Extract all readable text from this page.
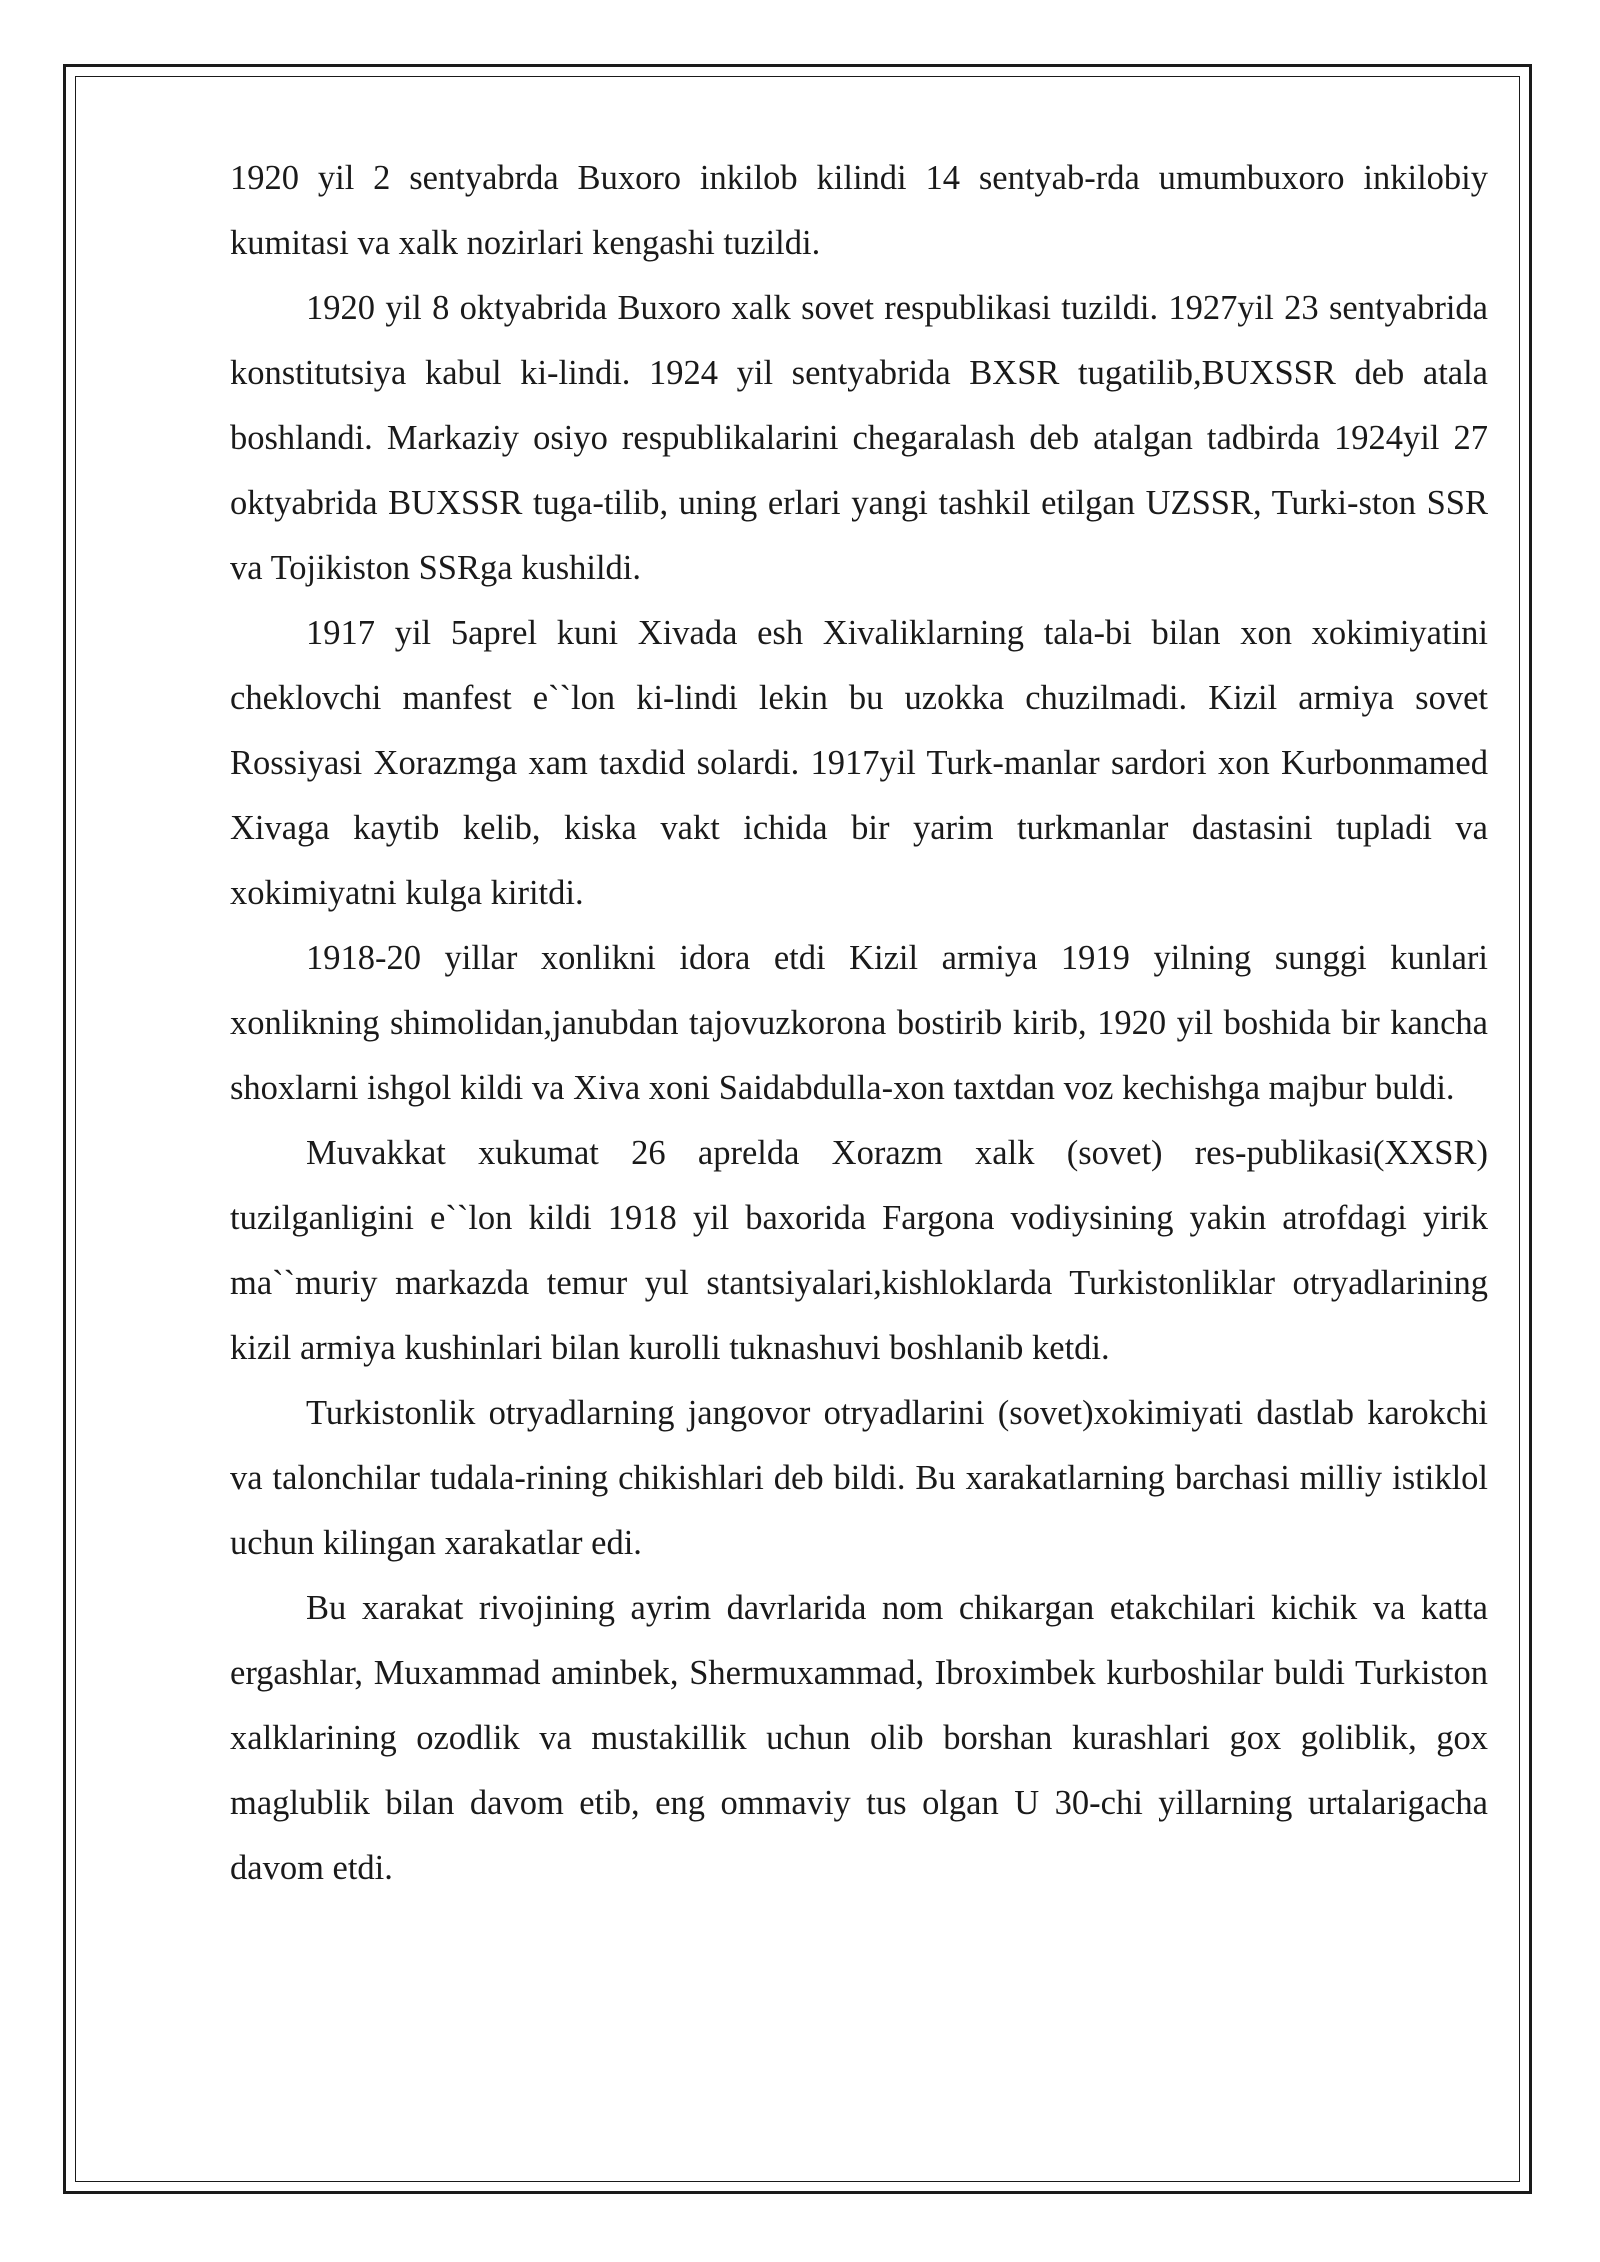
1920 yil 2 sentyabrda Buxoro inkilob kilindi 14 sentyab-rda umumbuxoro inkilobiy kumitasi va xalk nozirlari kengashi tuzildi.

1920 yil 8 oktyabrida Buxoro xalk sovet respublikasi tuzildi. 1927yil 23 sentyabrida konstitutsiya kabul ki-lindi. 1924 yil sentyabrida BXSR tugatilib,BUXSSR deb atala boshlandi. Markaziy osiyo respublikalarini chegaralash deb atalgan tadbirda 1924yil 27 oktyabrida BUXSSR tuga-tilib, uning erlari yangi tashkil etilgan UZSSR, Turki-ston SSR va Tojikiston SSRga kushildi.

1917 yil 5aprel kuni Xivada esh Xivaliklarning tala-bi bilan xon xokimiyatini cheklovchi manfest e``lon ki-lindi lekin bu uzokka chuzilmadi. Kizil armiya sovet Rossiyasi Xorazmga xam taxdid solardi. 1917yil Turk-manlar sardori xon Kurbonmamed Xivaga kaytib kelib, kiska vakt ichida bir yarim turkmanlar dastasini tupladi va xokimiyatni kulga kiritdi.

1918-20 yillar xonlikni idora etdi Kizil armiya 1919 yilning sunggi kunlari xonlikning shimolidan,janubdan tajovuzkorona bostirib kirib, 1920 yil boshida bir kancha shoxlarni ishgol kildi va Xiva xoni Saidabdulla-xon taxtdan voz kechishga majbur buldi.

Muvakkat xukumat 26 aprelda Xorazm xalk (sovet) res-publikasi(XXSR) tuzilganligini e``lon kildi 1918 yil baxorida Fargona vodiysining yakin atrofdagi yirik ma``muriy markazda temur yul stantsiyalari,kishloklarda Turkistonliklar otryadlarining kizil armiya kushinlari bilan kurolli tuknashuvi boshlanib ketdi.

Turkistonlik otryadlarning jangovor otryadlarini (sovet)xokimiyati dastlab karokchi va talonchilar tudala-rining chikishlari deb bildi. Bu xarakatlarning barchasi milliy istiklol uchun kilingan xarakatlar edi.

Bu xarakat rivojining ayrim davrlarida nom chikargan etakchilari kichik va katta ergashlar, Muxammad aminbek, Shermuxammad, Ibroximbek kurboshilar buldi Turkiston xalklarining ozodlik va mustakillik uchun olib borshan kurashlari gox goliblik, gox maglublik bilan davom etib, eng ommaviy tus olgan U 30-chi yillarning urtalarigacha davom etdi.
